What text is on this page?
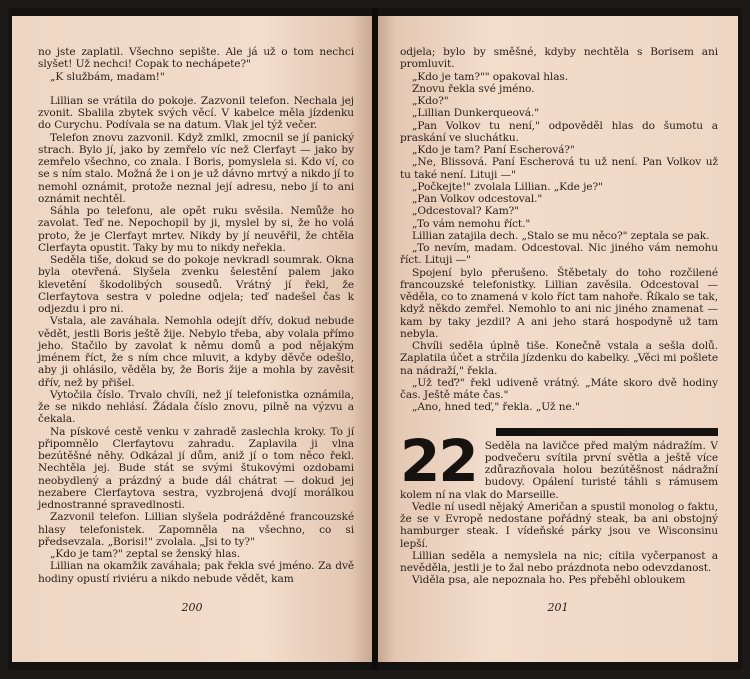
no jste zaplatil. Všechno sepište. Ale já už o tom nechci slyšet! Už nechci! Copak to nechápete?"

„K službám, madam!"

Lillian se vrátila do pokoje. Zazvonil telefon. Nechala jej zvonit. Sbalila zbytek svých věcí. V kabelce měla jízdenku do Curychu. Podívala se na datum. Vlak jel týž večer.

Telefon znovu zazvonil. Když zmlkl, zmocnil se jí panický strach. Bylo jí, jako by zemřelo víc než Clerfayt — jako by zemřelo všechno, co znala. I Boris, pomyslela si. Kdo ví, co se s ním stalo. Možná že i on je už dávno mrtvý a nikdo jí to nemohl oznámit, protože neznal její adresu, nebo jí to ani oznámit nechtěl.

Sáhla po telefonu, ale opět ruku svěsila. Nemůže ho zavolat. Teď ne. Nepochopil by ji, myslel by si, že ho volá proto, že je Clerfayt mrtev. Nikdy by jí neuvěřil, že chtěla Clerfayta opustit. Taky by mu to nikdy neřekla.

Seděla tiše, dokud se do pokoje nevkradl soumrak. Okna byla otevřená. Slyšela zvenku šelestění palem jako klevetění škodolibých sousedů. Vrátný jí řekl, že Clerfaytova sestra v poledne odjela; teď nadešel čas k odjezdu i pro ni.

Vstala, ale zaváhala. Nemohla odejít dřív, dokud nebude vědět, jestli Boris ještě žije. Nebylo třeba, aby volala přímo jeho. Stačilo by zavolat k němu domů a pod nějakým jménem říct, že s ním chce mluvit, a kdyby děvče odešlo, aby ji ohlásilo, věděla by, že Boris žije a mohla by zavěsit dřív, než by přišel.

Vytočila číslo. Trvalo chvíli, než jí telefonistka oznámila, že se nikdo nehlásí. Žádala číslo znovu, pilně na výzvu a čekala.

Na pískové cestě venku v zahradě zaslechla kroky. To jí připomnělo Clerfaytovu zahradu. Zaplavila ji vlna bezútěšné něhy. Odkázal jí dům, aniž jí o tom něco řekl. Nechtěla jej. Bude stát se svými štukovými ozdobami neobydlený a prázdný a bude dál chátrat — dokud jej nezabere Clerfaytova sestra, vyzbrojená dvojí morálkou jednostranné spravedlnosti.

Zazvonil telefon. Lillian slyšela podrážděné francouzské hlasy telefonistek. Zapomněla na všechno, co si předsevzala. „Borisi!" zvolala. „Jsi to ty?"

„Kdo je tam?" zeptal se ženský hlas.

Lillian na okamžik zaváhala; pak řekla své jméno. Za dvě hodiny opustí riviéru a nikdo nebude vědět, kam

200

odjela; bylo by směšné, kdyby nechtěla s Borisem ani promluvit.

„Kdo je tam?"" opakoval hlas.

Znovu řekla své jméno.

„Kdo?"

„Lillian Dunkerqueová."

„Pan Volkov tu není," odpověděl hlas do šumotu a praskání ve sluchátku.

„Kdo je tam? Paní Escherová?"

„Ne, Blissová. Paní Escherová tu už není. Pan Volkov už tu také není. Lituji —"

„Počkejte!" zvolala Lillian. „Kde je?"

„Pan Volkov odcestoval."

„Odcestoval? Kam?"

„To vám nemohu říct."

Lillian zatajila dech. „Stalo se mu něco?" zeptala se pak.

„To nevím, madam. Odcestoval. Nic jiného vám nemohu říct. Lituji —"

Spojení bylo přerušeno. Štěbetaly do toho rozčilené francouzské telefonistky. Lillian zavěsila. Odcestoval — věděla, co to znamená v kolo říct tam nahoře. Říkalo se tak, když někdo zemřel. Nemohlo to ani nic jiného znamenat — kam by taky jezdil? A ani jeho stará hospodyně už tam nebyla.

Chvíli seděla úplně tiše. Konečně vstala a sešla dolů. Zaplatila účet a strčila jízdenku do kabelky. „Věci mi pošlete na nádraží," řekla.

„Už teď?" řekl udiveně vrátný. „Máte skoro dvě hodiny čas. Ještě máte čas."

„Ano, hned teď," řekla. „Už ne."

22 Seděla na lavičce před malým nádražím. V podvečeru svítila první světla a ještě více zdůrazňovala holou bezútěšnost nádražní budovy. Opálení turisté táhli s rámusem kolem ní na vlak do Marseille.

Vedle ní usedl nějaký Američan a spustil monolog o faktu, že se v Evropě nedostane pořádný steak, ba ani obstojný hamburger steak. I vídeňské párky jsou ve Wisconsinu lepší.

Lillian seděla a nemyslela na nic; cítila vyčerpanost a nevěděla, jestli je to žal nebo prázdnota nebo odevzdanost.

Viděla psa, ale nepoznala ho. Pes přeběhl obloukem

201
